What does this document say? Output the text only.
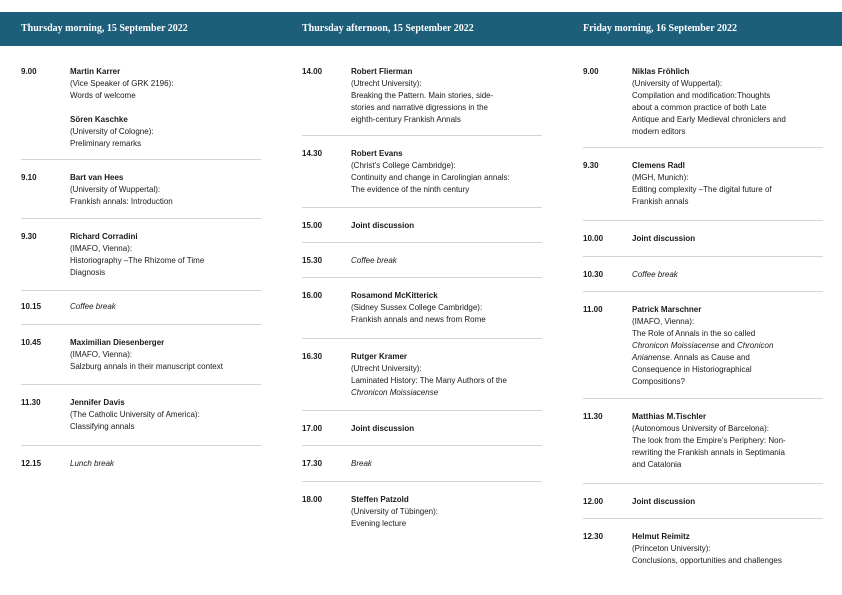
Thursday morning, 15 September 2022	Thursday afternoon, 15 September 2022	Friday morning, 16 September 2022
9.00	Martin Karrer
(Vice Speaker of GRK 2196):
Words of welcome
Sören Kaschke
(University of Cologne):
Preliminary remarks
9.10	Bart van Hees
(University of Wuppertal):
Frankish annals: Introduction
9.30	Richard Corradini
(IMAFO, Vienna):
Historiography –The Rhizome of Time
Diagnosis
10.15	Coffee break
10.45	Maximilian Diesenberger
(IMAFO, Vienna):
Salzburg annals in their manuscript context
11.30	Jennifer Davis
(The Catholic University of America):
Classifying annals
12.15	Lunch break
14.00	Robert Flierman
(Utrecht University):
Breaking the Pattern. Main stories, side-
stories and narrative digressions in the
eighth-century Frankish Annals
14.30	Robert Evans
(Christ’s College Cambridge):
Continuity and change in Carolingian annals:
The evidence of the ninth century
15.00	Joint discussion
15.30	Coffee break
16.00	Rosamond McKitterick
(Sidney Sussex College Cambridge):
Frankish annals and news from Rome
16.30	Rutger Kramer
(Utrecht University):
Laminated History: The Many Authors of the
Chronicon Moissiacense
17.00	Joint discussion
17.30	Break
18.00	Steffen Patzold
(University of Tübingen):
Evening lecture
9.00	Niklas Fröhlich
(University of Wuppertal):
Compilation and modification:Thoughts
about a common practice of both Late
Antique and Early Medieval chroniclers and
modern editors
9.30	Clemens Radl
(MGH, Munich):
Editing complexity –The digital future of
Frankish annals
10.00	Joint discussion
10.30	Coffee break
11.00	Patrick Marschner
(IMAFO, Vienna):
The Role of Annals in the so called
Chronicon Moissiacense and Chronicon
Anianense. Annals as Cause and
Consequence in Historiographical
Compositions?
11.30	Matthias M.Tischler
(Autonomous University of Barcelona):
The look from the Empire’s Periphery: Non-
rewriting the Frankish annals in Septimania
and Catalonia
12.00	Joint discussion
12.30	Helmut Reimitz
(Princeton University):
Conclusions, opportunities and challenges
